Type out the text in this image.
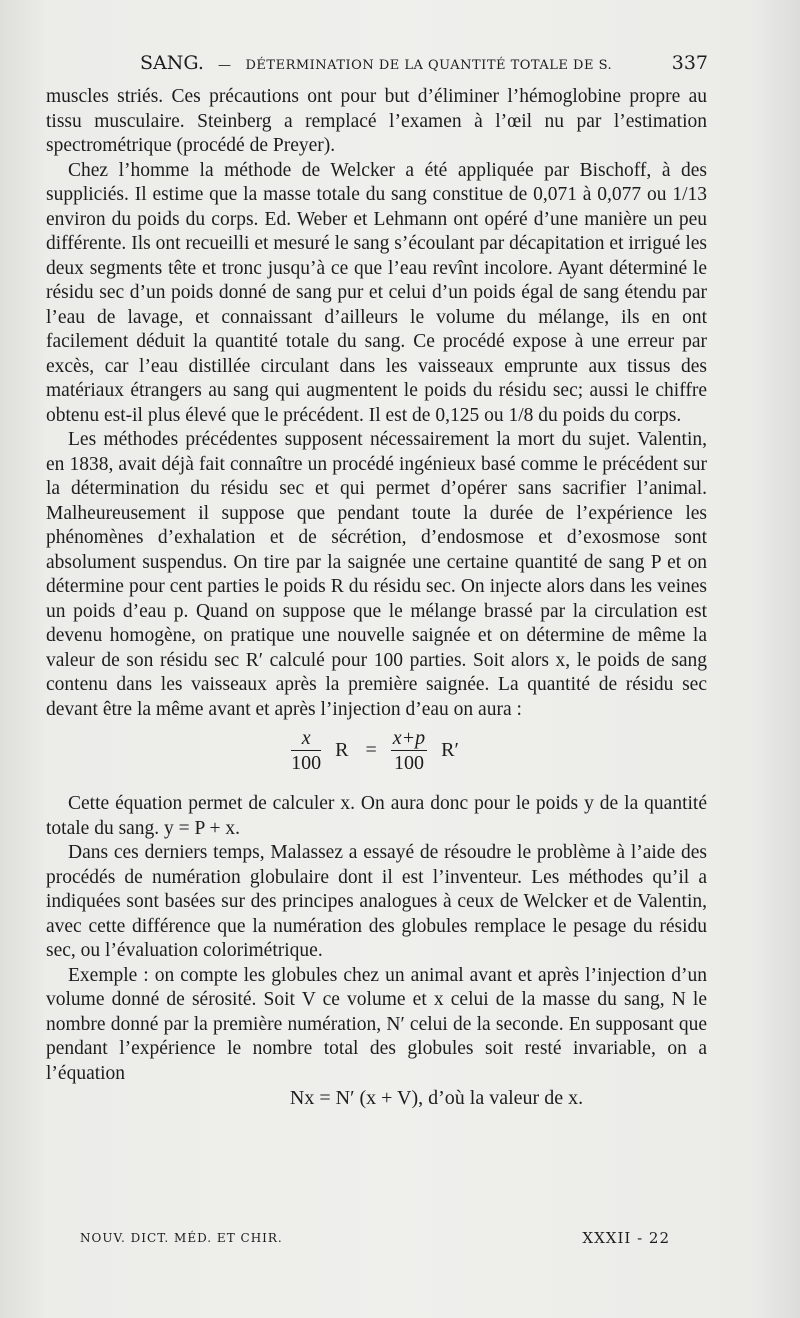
SANG. — DÉTERMINATION DE LA QUANTITÉ TOTALE DE S.	337

muscles striés. Ces précautions ont pour but d’éliminer l’hémoglobine propre au tissu musculaire. Steinberg a remplacé l’examen à l’œil nu par l’estimation spectrométrique (procédé de Preyer).

Chez l’homme la méthode de Welcker a été appliquée par Bischoff, à des suppliciés. Il estime que la masse totale du sang constitue de 0,071 à 0,077 ou 1/13 environ du poids du corps. Ed. Weber et Lehmann ont opéré d’une manière un peu différente. Ils ont recueilli et mesuré le sang s’écoulant par décapitation et irrigué les deux segments tête et tronc jusqu’à ce que l’eau revînt incolore. Ayant déterminé le résidu sec d’un poids donné de sang pur et celui d’un poids égal de sang étendu par l’eau de lavage, et connaissant d’ailleurs le volume du mélange, ils en ont facilement déduit la quantité totale du sang. Ce procédé expose à une erreur par excès, car l’eau distillée circulant dans les vaisseaux emprunte aux tissus des matériaux étrangers au sang qui augmentent le poids du résidu sec; aussi le chiffre obtenu est-il plus élevé que le précédent. Il est de 0,125 ou 1/8 du poids du corps.

Les méthodes précédentes supposent nécessairement la mort du sujet. Valentin, en 1838, avait déjà fait connaître un procédé ingénieux basé comme le précédent sur la détermination du résidu sec et qui permet d’opérer sans sacrifier l’animal. Malheureusement il suppose que pendant toute la durée de l’expérience les phénomènes d’exhalation et de sécrétion, d’endosmose et d’exosmose sont absolument suspendus. On tire par la saignée une certaine quantité de sang P et on détermine pour cent parties le poids R du résidu sec. On injecte alors dans les veines un poids d’eau p. Quand on suppose que le mélange brassé par la circulation est devenu homogène, on pratique une nouvelle saignée et on détermine de même la valeur de son résidu sec R′ calculé pour 100 parties. Soit alors x, le poids de sang contenu dans les vaisseaux après la première saignée. La quantité de résidu sec devant être la même avant et après l’injection d’eau on aura :

$\frac{x}{100}$ $R = \frac{x+p}{100} R'$

Cette équation permet de calculer x. On aura donc pour le poids y de la quantité totale du sang. y = P + x.

Dans ces derniers temps, Malassez a essayé de résoudre le problème à l’aide des procédés de numération globulaire dont il est l’inventeur. Les méthodes qu’il a indiquées sont basées sur des principes analogues à ceux de Welcker et de Valentin, avec cette différence que la numération des globules remplace le pesage du résidu sec, ou l’évaluation colorimétrique.

Exemple : on compte les globules chez un animal avant et après l’injection d’un volume donné de sérosité. Soit V ce volume et x celui de la masse du sang, N le nombre donné par la première numération, N′ celui de la seconde. En supposant que pendant l’expérience le nombre total des globules soit resté invariable, on a l’équation

Nx = N′ (x + V), d’où la valeur de x.
NOUV. DICT. MÉD. ET CHIR.	XXXII - 22
